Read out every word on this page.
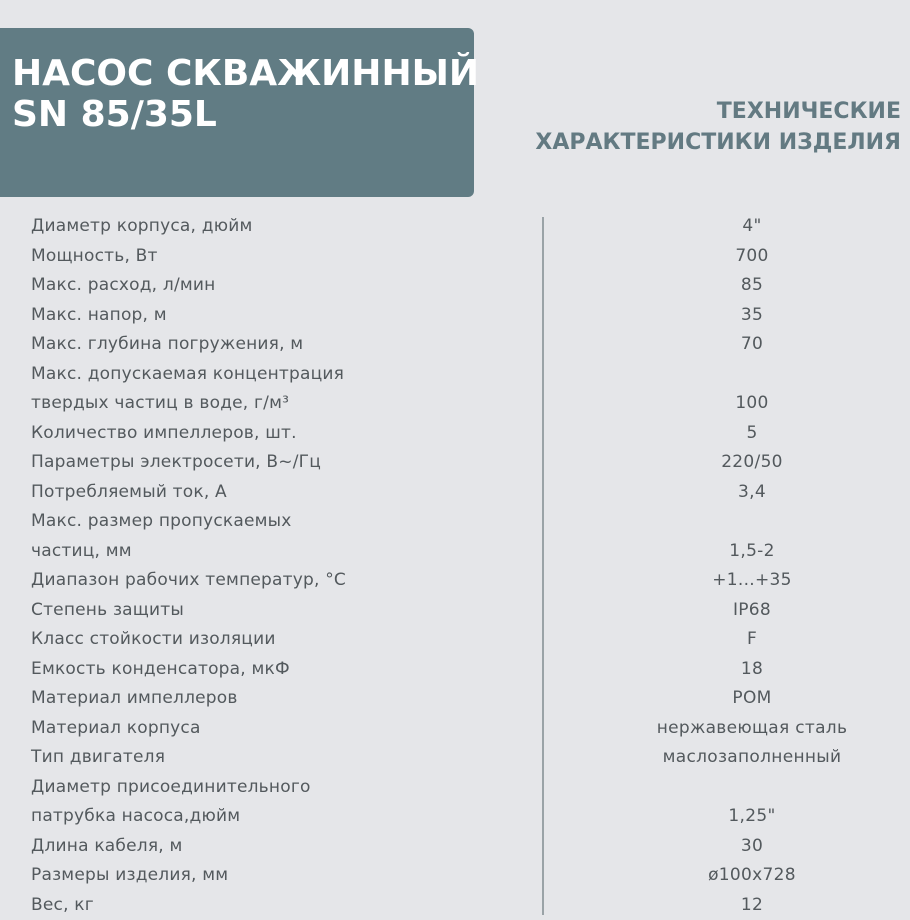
НАСОС СКВАЖИННЫЙ
SN 85/35L	ТЕХНИЧЕСКИЕ
ХАРАКТЕРИСТИКИ ИЗДЕЛИЯ
Диаметр корпуса, дюйм	4"
Мощность, Вт	700
Макс. расход, л/мин	85
Макс. напор, м	35
Макс. глубина погружения, м	70
Макс. допускаемая концентрация
твердых частиц в воде, г/м³	100
Количество импеллеров, шт.	5
Параметры электросети, В~/Гц	220/50
Потребляемый ток, А	3,4
Макс. размер пропускаемых
частиц, мм	1,5-2
Диапазон рабочих температур, °С	+1...+35
Степень защиты	IP68
Класс стойкости изоляции	F
Емкость конденсатора, мкФ	18
Материал импеллеров	POM
Материал корпуса	нержавеющая сталь
Тип двигателя	маслозаполненный
Диаметр присоединительного
патрубка насоса,дюйм	1,25"
Длина кабеля, м	30
Размеры изделия, мм	ø100x728
Вес, кг	12
